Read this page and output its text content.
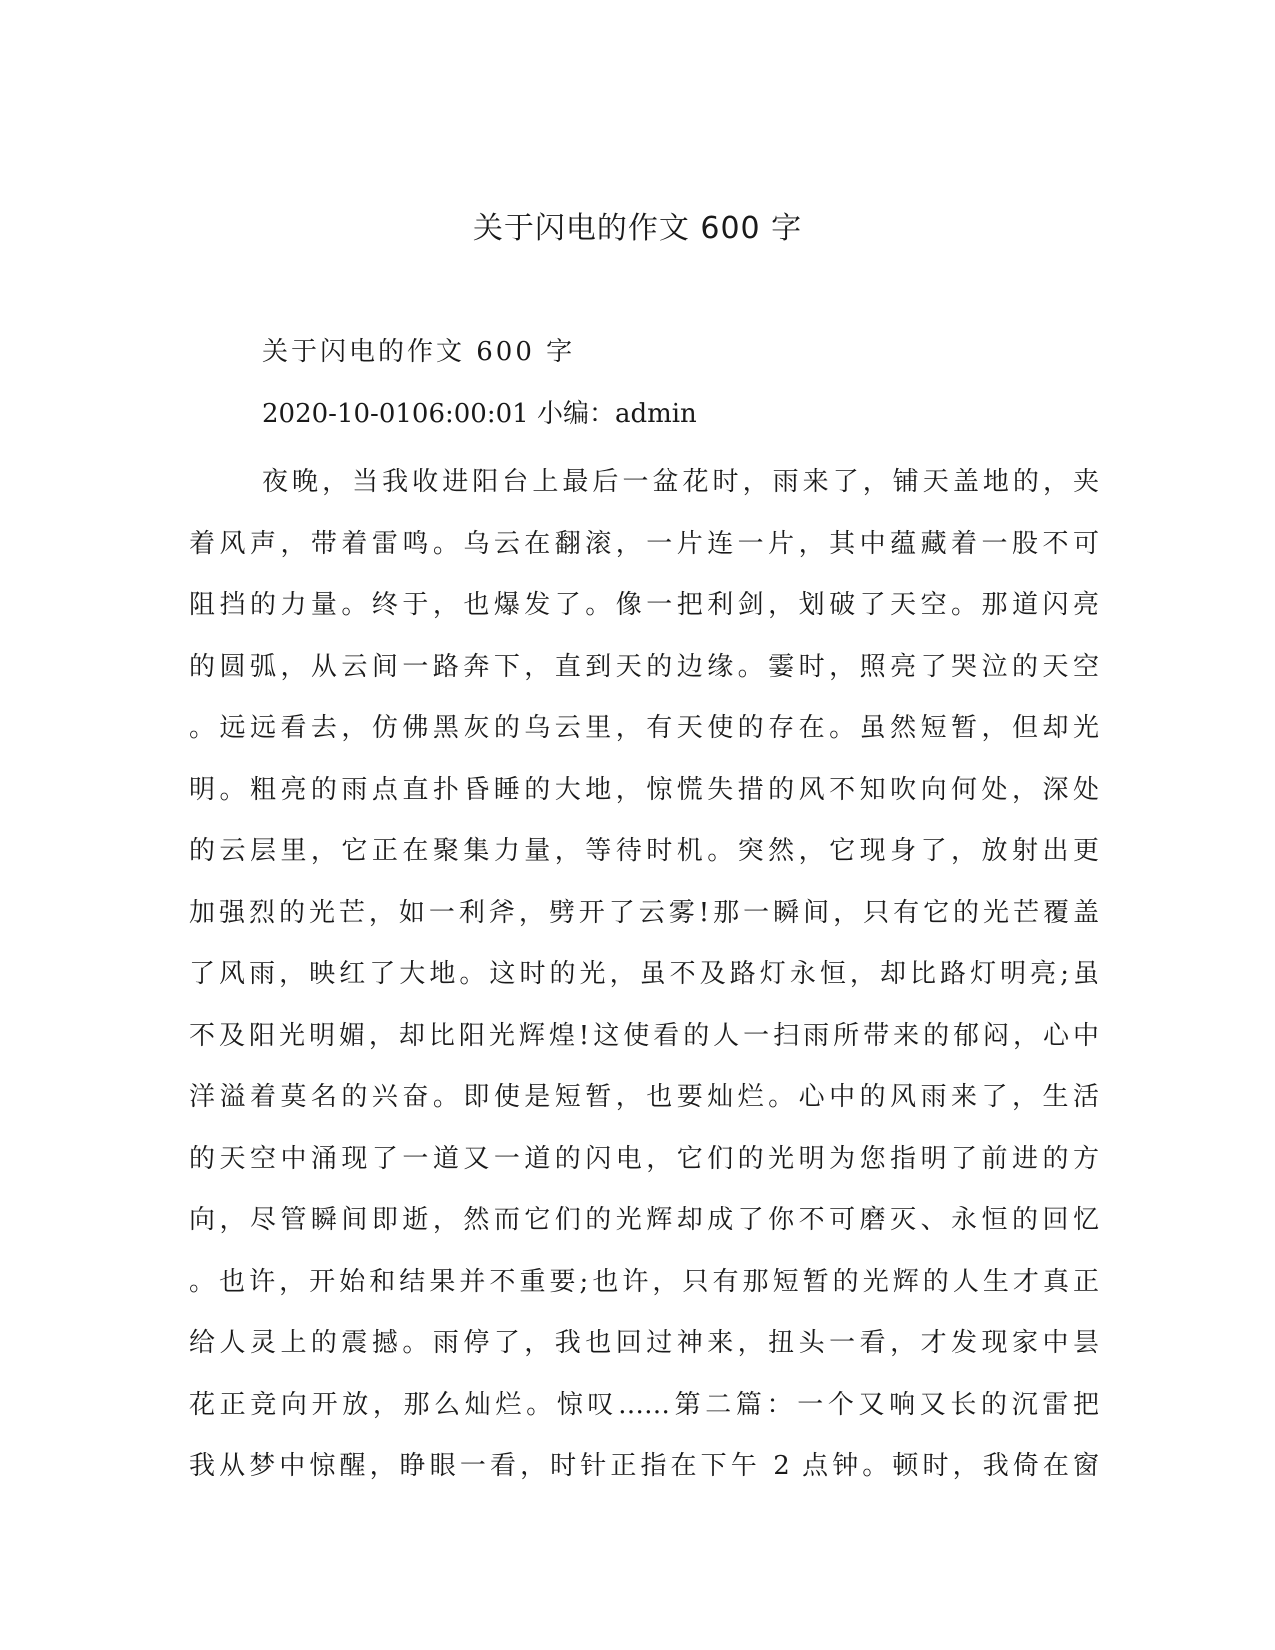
关于闪电的作文 600 字

关于闪电的作文 600 字

2020-10-0106:00:01 小编：admin

夜晚，当我收进阳台上最后一盆花时，雨来了，铺天盖地的，夹
着风声，带着雷鸣。乌云在翻滚，一片连一片，其中蕴藏着一股不可
阻挡的力量。终于，也爆发了。像一把利剑，划破了天空。那道闪亮
的圆弧，从云间一路奔下，直到天的边缘。霎时，照亮了哭泣的天空
。远远看去，仿佛黑灰的乌云里，有天使的存在。虽然短暂，但却光
明。粗亮的雨点直扑昏睡的大地，惊慌失措的风不知吹向何处，深处
的云层里，它正在聚集力量，等待时机。突然，它现身了，放射出更
加强烈的光芒，如一利斧，劈开了云雾!那一瞬间，只有它的光芒覆盖
了风雨，映红了大地。这时的光，虽不及路灯永恒，却比路灯明亮;虽
不及阳光明媚，却比阳光辉煌!这使看的人一扫雨所带来的郁闷，心中
洋溢着莫名的兴奋。即使是短暂，也要灿烂。心中的风雨来了，生活
的天空中涌现了一道又一道的闪电，它们的光明为您指明了前进的方
向，尽管瞬间即逝，然而它们的光辉却成了你不可磨灭、永恒的回忆
。也许，开始和结果并不重要;也许，只有那短暂的光辉的人生才真正
给人灵上的震撼。雨停了，我也回过神来，扭头一看，才发现家中昙
花正竞向开放，那么灿烂。惊叹……第二篇：一个又响又长的沉雷把
我从梦中惊醒，睁眼一看，时针正指在下午 2 点钟。顿时，我倚在窗
